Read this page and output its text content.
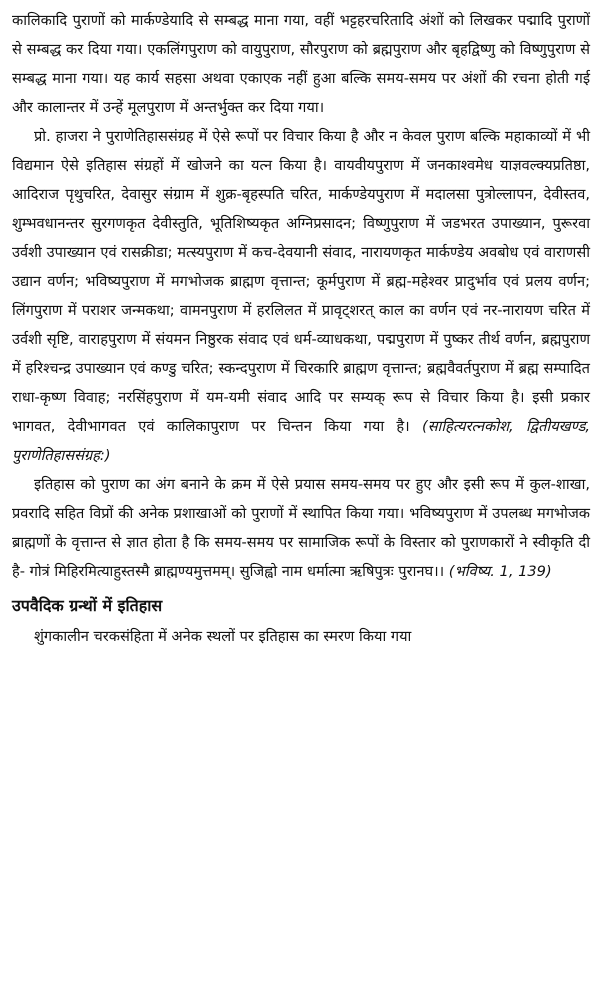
कालिकादि पुराणों को मार्कण्डेयादि से सम्बद्ध माना गया, वहीं भट्टहरचरितादि अंशों को लिखकर पद्मादि पुराणों से सम्बद्ध कर दिया गया। एकलिंगपुराण को वायुपुराण, सौरपुराण को ब्रह्मपुराण और बृहद्विष्णु को विष्णुपुराण से सम्बद्ध माना गया। यह कार्य सहसा अथवा एकाएक नहीं हुआ बल्कि समय-समय पर अंशों की रचना होती गई और कालान्तर में उन्हें मूलपुराण में अन्तर्भुक्त कर दिया गया।

प्रो. हाजरा ने पुराणेतिहाससंग्रह में ऐसे रूपों पर विचार किया है और न केवल पुराण बल्कि महाकाव्यों में भी विद्यमान ऐसे इतिहास संग्रहों में खोजने का यत्न किया है। वायवीयपुराण में जनकाश्वमेध याज्ञवल्क्यप्रतिष्ठा, आदिराज पृथुचरित, देवासुर संग्राम में शुक्र-बृहस्पति चरित, मार्कण्डेयपुराण में मदालसा पुत्रोल्लापन, देवीस्तव, शुम्भवधानन्तर सुरगणकृत देवीस्तुति, भूतिशिष्यकृत अग्निप्रसादन; विष्णुपुराण में जडभरत उपाख्यान, पुरूरवा उर्वशी उपाख्यान एवं रासक्रीडा; मत्स्यपुराण में कच-देवयानी संवाद, नारायणकृत मार्कण्डेय अवबोध एवं वाराणसी उद्यान वर्णन; भविष्यपुराण में मगभोजक ब्राह्मण वृत्तान्त; कूर्मपुराण में ब्रह्म-महेश्वर प्रादुर्भाव एवं प्रलय वर्णन; लिंगपुराण में पराशर जन्मकथा; वामनपुराण में हरलिलत में प्रावृट्शरत् काल का वर्णन एवं नर-नारायण चरित में उर्वशी सृष्टि, वाराहपुराण में संयमन निष्ठुरक संवाद एवं धर्म-व्याधकथा, पद्मपुराण में पुष्कर तीर्थ वर्णन, ब्रह्मपुराण में हरिश्चन्द्र उपाख्यान एवं कण्डु चरित; स्कन्दपुराण में चिरकारि ब्राह्मण वृत्तान्त; ब्रह्मवैवर्तपुराण में ब्रह्म सम्पादित राधा-कृष्ण विवाह; नरसिंहपुराण में यम-यमी संवाद आदि पर सम्यक् रूप से विचार किया है। इसी प्रकार भागवत, देवीभागवत एवं कालिकापुराण पर चिन्तन किया गया है। (साहित्यरत्नकोश, द्वितीयखण्ड, पुराणेतिहाससंग्रह:)

इतिहास को पुराण का अंग बनाने के क्रम में ऐसे प्रयास समय-समय पर हुए और इसी रूप में कुल-शाखा, प्रवरादि सहित विप्रों की अनेक प्रशाखाओं को पुराणों में स्थापित किया गया। भविष्यपुराण में उपलब्ध मगभोजक ब्राह्मणों के वृत्तान्त से ज्ञात होता है कि समय-समय पर सामाजिक रूपों के विस्तार को पुराणकारों ने स्वीकृति दी है- गोत्रं मिहिरमित्याहुस्तस्मै ब्राह्मण्यमुत्तमम्। सुजिह्वो नाम धर्मात्मा ऋषिपुत्रः पुरानघ।। (भविष्य. 1, 139)

उपवैदिक ग्रन्थों में इतिहास

शुंगकालीन चरकसंहिता में अनेक स्थलों पर इतिहास का स्मरण किया गया
